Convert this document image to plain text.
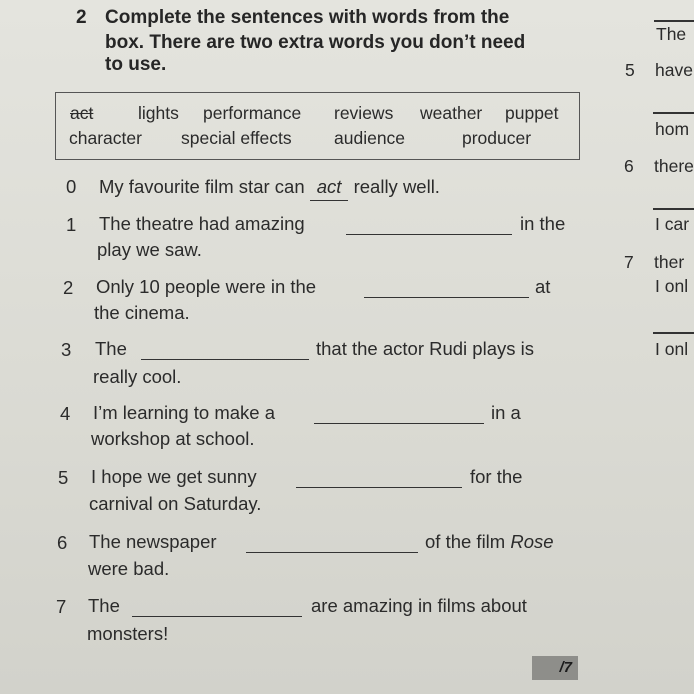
2 Complete the sentences with words from the
box. There are two extra words you don’t need
to use.
act	lights performance reviews weather puppet
character special effects audience	producer
0 My favourite film star can act really well.
1 The theatre had amazing	in the
play we saw.
2 Only 10 people were in the	at
the cinema.
3 The	that the actor Rudi plays is
really cool.
4 I’m learning to make a	in a
workshop at school.
5 I hope we get sunny	for the
carnival on Saturday.
6 The newspaper	of the film Rose
were bad.
7 The	are amazing in films about
monsters!
/7
The
5 have
hom
6 there
I car
7 ther
I onl
I onl
